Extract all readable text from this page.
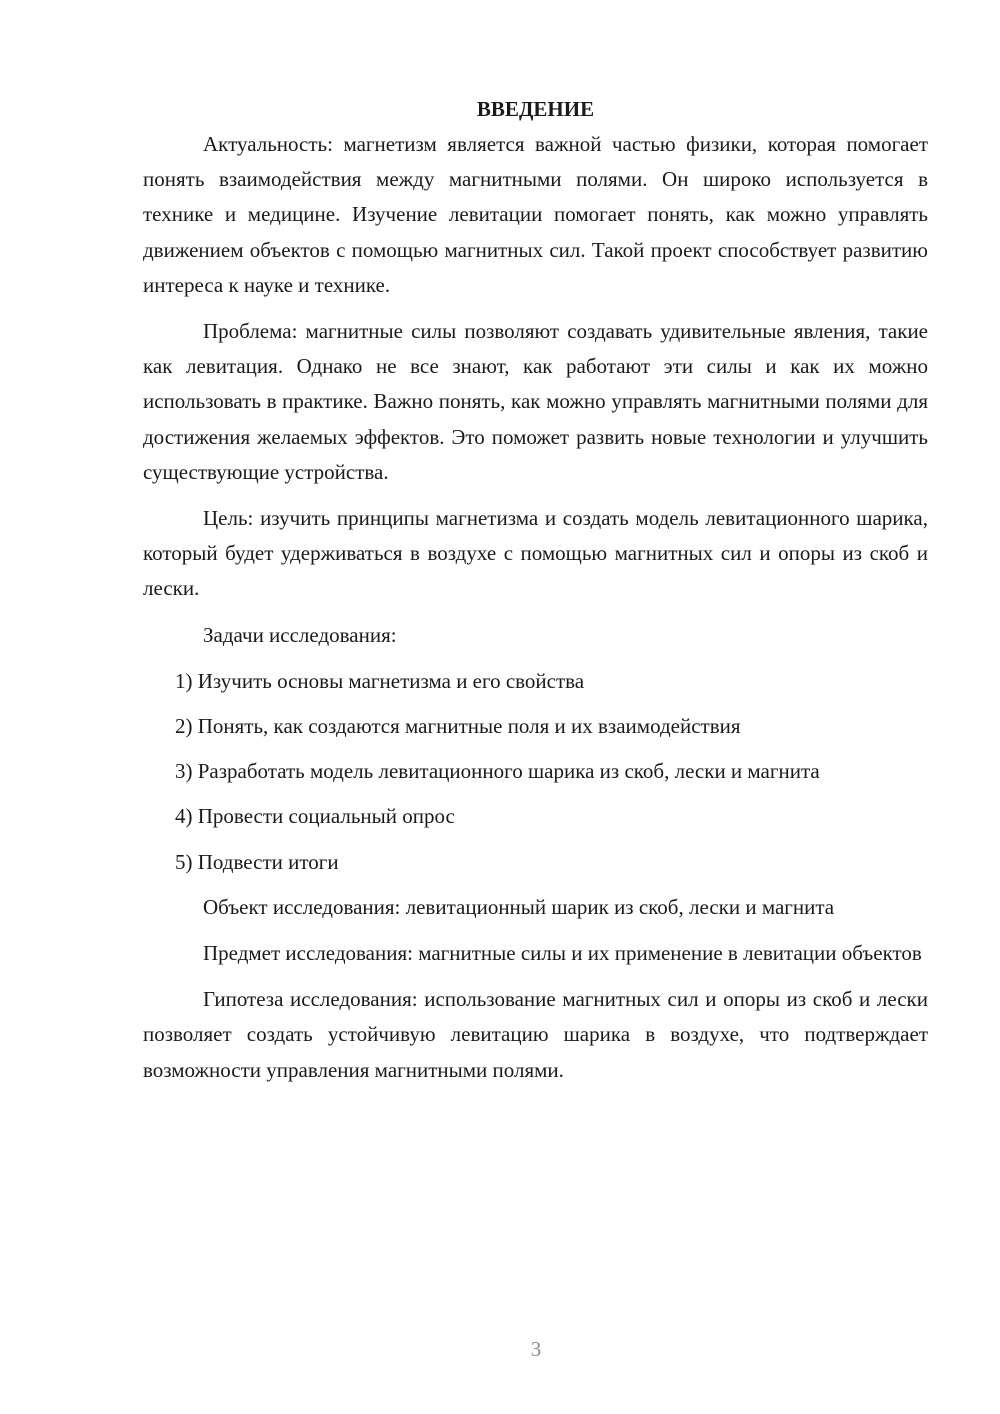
ВВЕДЕНИЕ

Актуальность: магнетизм является важной частью физики, которая помогает понять взаимодействия между магнитными полями. Он широко используется в технике и медицине. Изучение левитации помогает понять, как можно управлять движением объектов с помощью магнитных сил. Такой проект способствует развитию интереса к науке и технике.

Проблема: магнитные силы позволяют создавать удивительные явления, такие как левитация. Однако не все знают, как работают эти силы и как их можно использовать в практике. Важно понять, как можно управлять магнитными полями для достижения желаемых эффектов. Это поможет развить новые технологии и улучшить существующие устройства.

Цель: изучить принципы магнетизма и создать модель левитационного шарика, который будет удерживаться в воздухе с помощью магнитных сил и опоры из скоб и лески.

Задачи исследования:

1) Изучить основы магнетизма и его свойства

2) Понять, как создаются магнитные поля и их взаимодействия

3) Разработать модель левитационного шарика из скоб, лески и магнита

4) Провести социальный опрос

5) Подвести итоги

Объект исследования: левитационный шарик из скоб, лески и магнита

Предмет исследования: магнитные силы и их применение в левитации объектов

Гипотеза исследования: использование магнитных сил и опоры из скоб и лески позволяет создать устойчивую левитацию шарика в воздухе, что подтверждает возможности управления магнитными полями.

3
